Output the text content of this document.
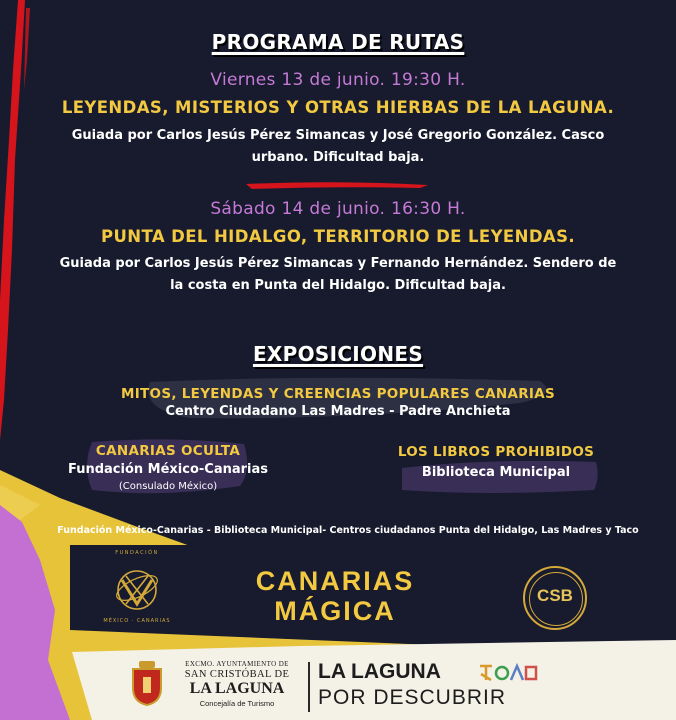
PROGRAMA DE RUTAS
Viernes 13 de junio. 19:30 H.
LEYENDAS, MISTERIOS Y OTRAS HIERBAS DE LA LAGUNA.
Guiada por Carlos Jesús Pérez Simancas y José Gregorio González. Casco
urbano. Dificultad baja.
Sábado 14 de junio. 16:30 H.
PUNTA DEL HIDALGO, TERRITORIO DE LEYENDAS.
Guiada por Carlos Jesús Pérez Simancas y Fernando Hernández. Sendero de
la costa en Punta del Hidalgo. Dificultad baja.
EXPOSICIONES
MITOS, LEYENDAS Y CREENCIAS POPULARES CANARIAS
Centro Ciudadano Las Madres - Padre Anchieta
CANARIAS OCULTA
Fundación México-Canarias
(Consulado México)
LOS LIBROS PROHIBIDOS
Biblioteca Municipal
Fundación México-Canarias - Biblioteca Municipal- Centros ciudadanos Punta del Hidalgo, Las Madres y Taco
FUNDACIÓN
MÉXICO · CANARIAS
CANARIAS
MÁGICA
CSB
EXCMO. AYUNTAMIENTO DE
SAN CRISTÓBAL DE
LA LAGUNA
Concejalía de Turismo
LA LAGUNA
POR DESCUBRIR
